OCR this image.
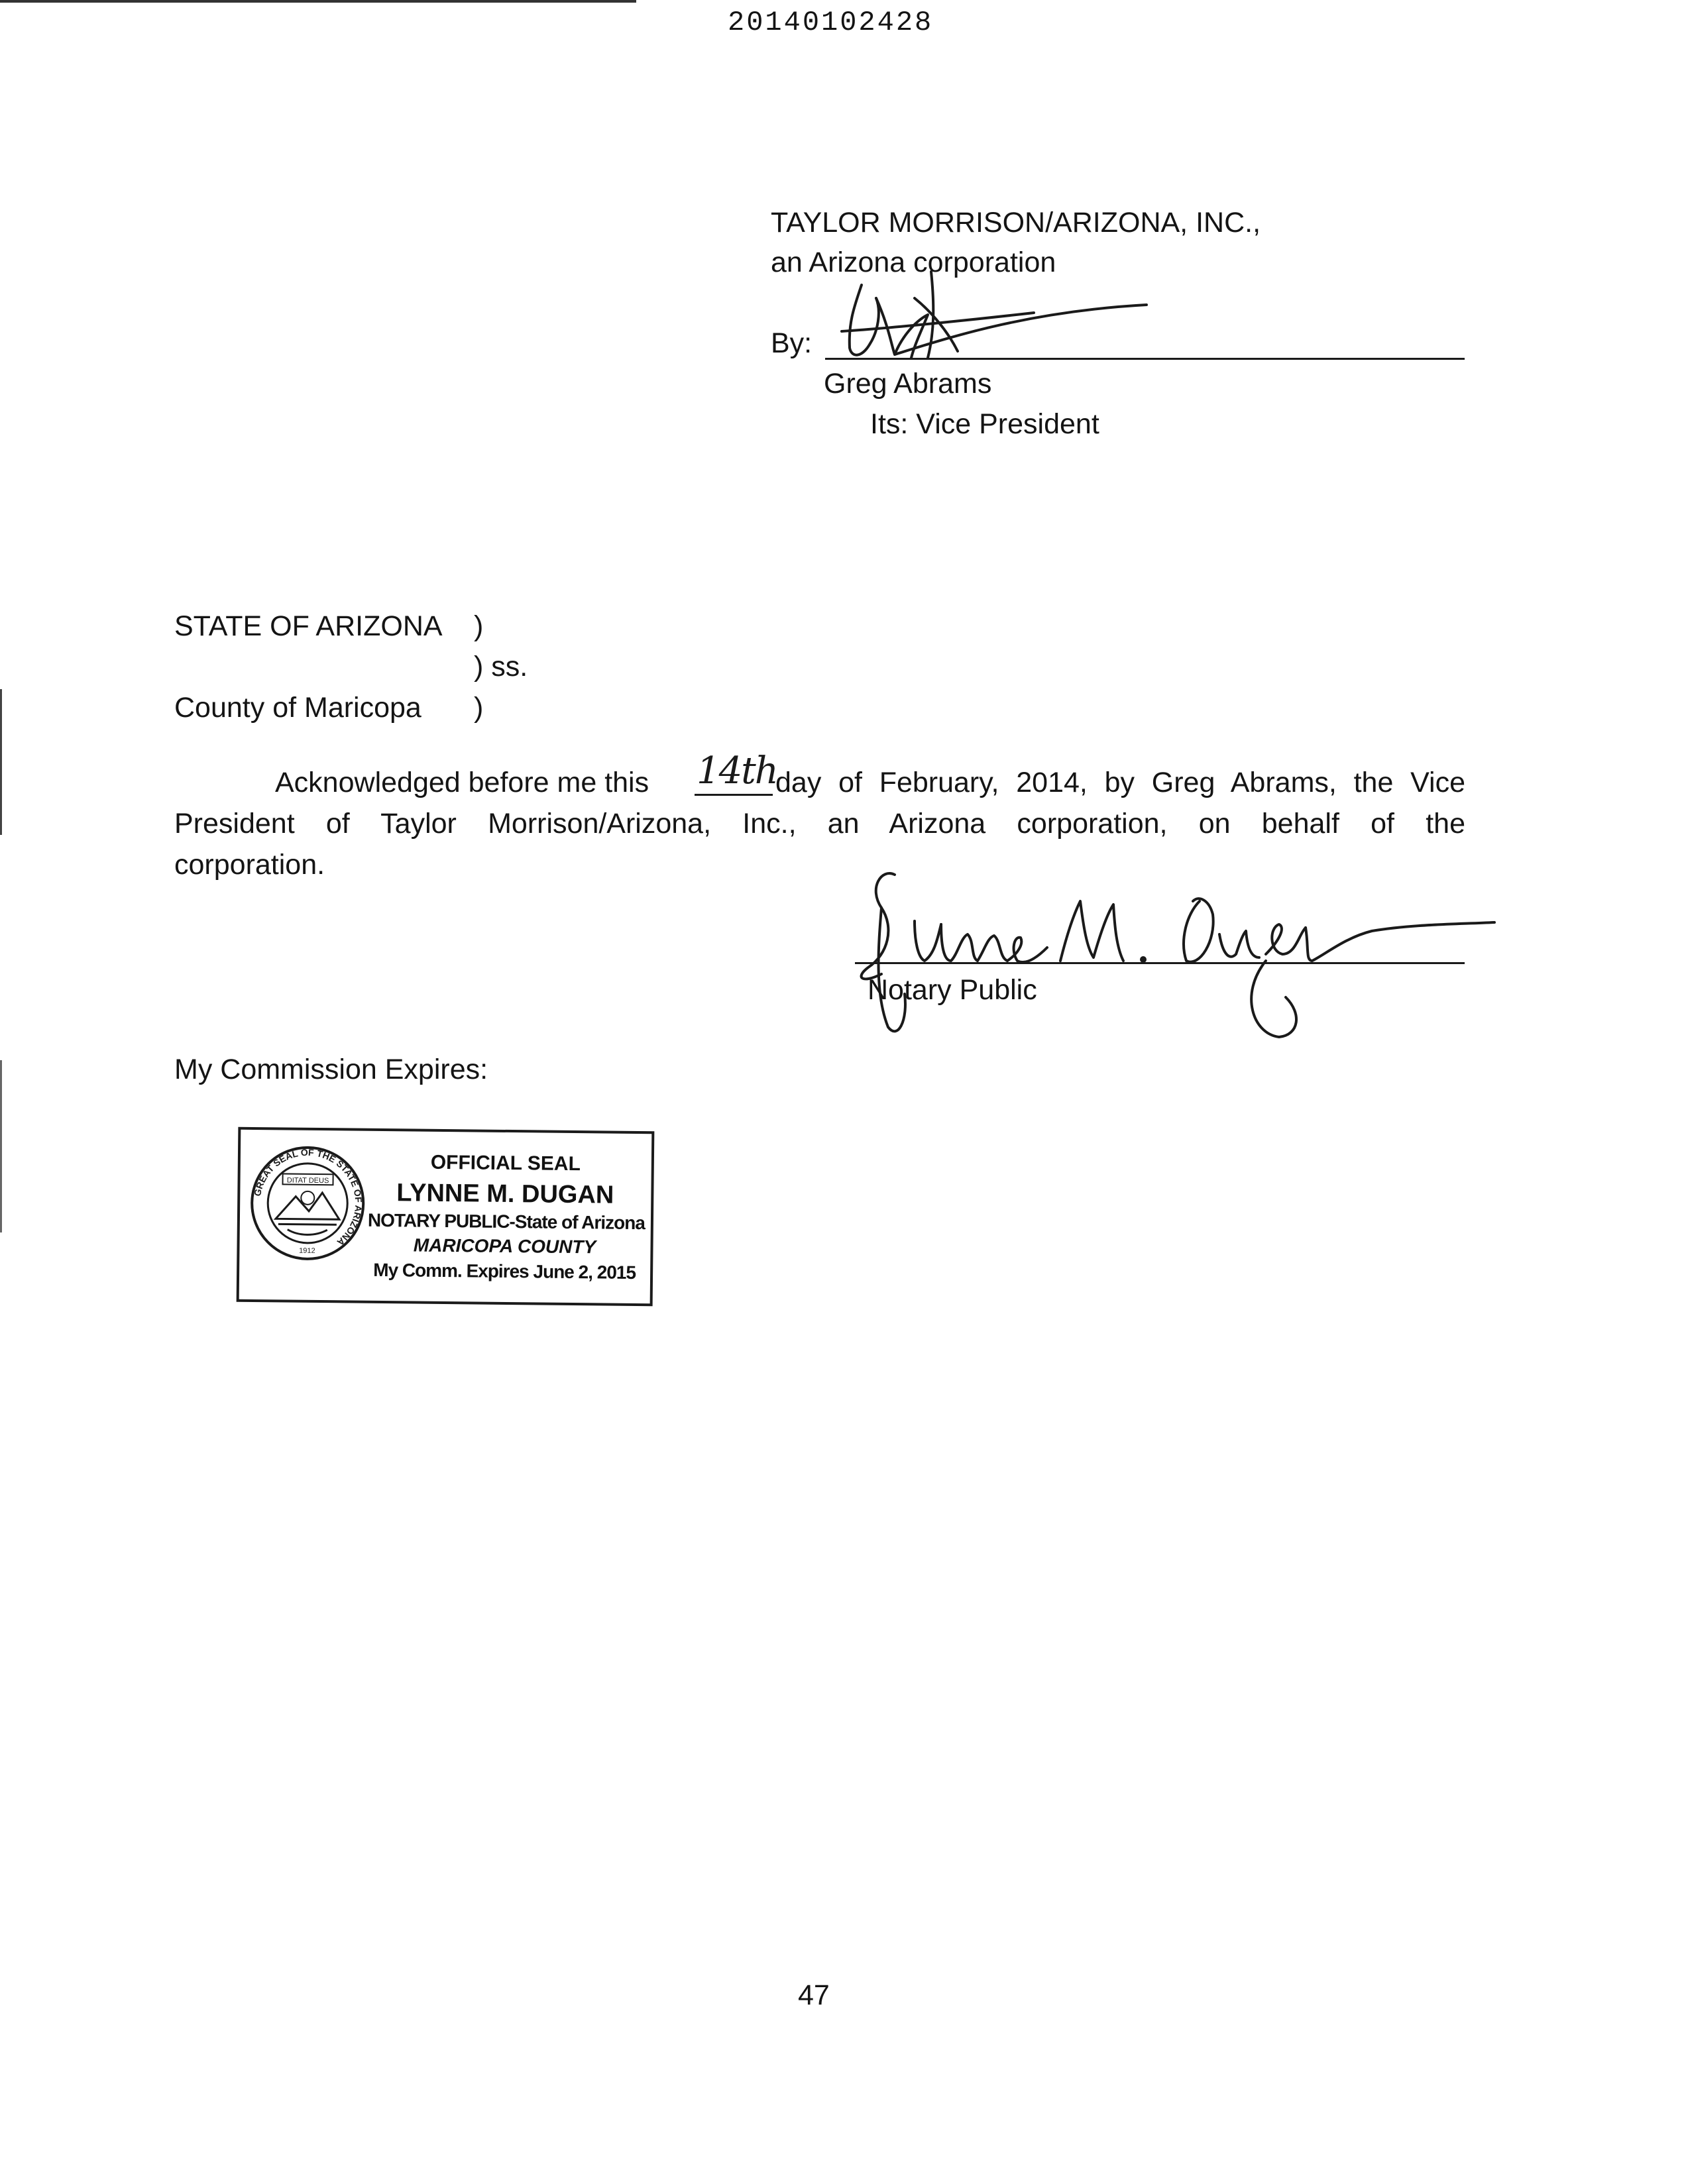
20140102428
TAYLOR MORRISON/ARIZONA, INC.,
an Arizona corporation
By:
Greg Abrams
Its: Vice President
STATE OF ARIZONA )
) ss.
County of Maricopa )
Acknowledged before me this 14th
day of February, 2014, by Greg Abrams, the Vice
President of Taylor Morrison/Arizona, Inc., an Arizona corporation, on behalf of the
corporation.
Notary Public
My Commission Expires:
GREAT SEAL OF THE STATE OF ARIZONA
DITAT DEUS
1912
OFFICIAL SEAL
LYNNE M. DUGAN
NOTARY PUBLIC-State of Arizona
MARICOPA COUNTY
My Comm. Expires June 2, 2015
47
